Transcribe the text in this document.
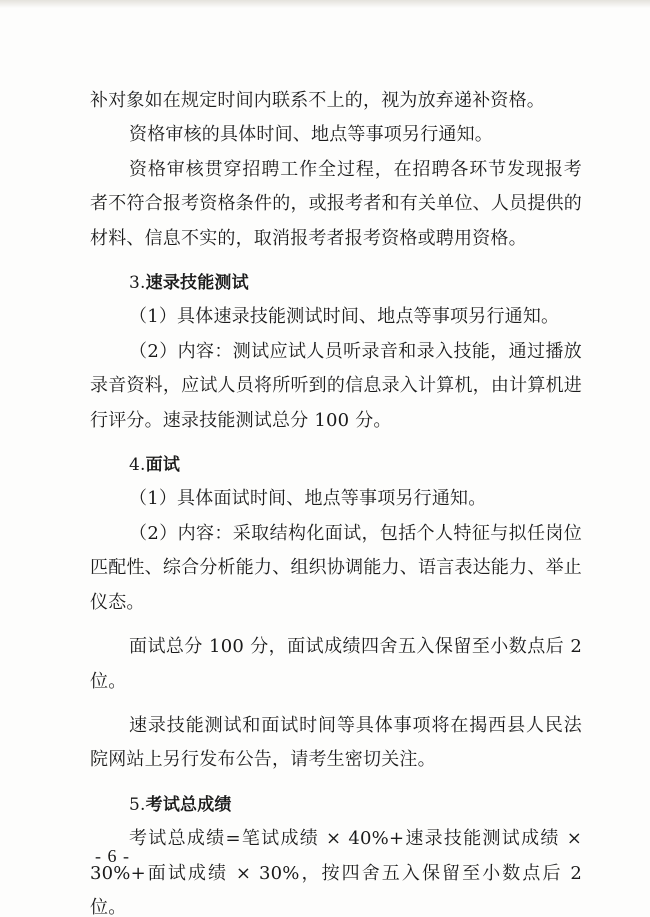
补对象如在规定时间内联系不上的，视为放弃递补资格。

资格审核的具体时间、地点等事项另行通知。

资格审核贯穿招聘工作全过程，在招聘各环节发现报考者不符合报考资格条件的，或报考者和有关单位、人员提供的材料、信息不实的，取消报考者报考资格或聘用资格。

3.速录技能测试

（1）具体速录技能测试时间、地点等事项另行通知。

（2）内容：测试应试人员听录音和录入技能，通过播放录音资料，应试人员将所听到的信息录入计算机，由计算机进行评分。速录技能测试总分 100 分。

4.面试

（1）具体面试时间、地点等事项另行通知。

（2）内容：采取结构化面试，包括个人特征与拟任岗位匹配性、综合分析能力、组织协调能力、语言表达能力、举止仪态。

面试总分 100 分，面试成绩四舍五入保留至小数点后 2 位。

速录技能测试和面试时间等具体事项将在揭西县人民法院网站上另行发布公告，请考生密切关注。

5.考试总成绩

考试总成绩=笔试成绩 × 40%+速录技能测试成绩 × 30%+面试成绩 × 30%，按四舍五入保留至小数点后 2 位。

- 6 -
